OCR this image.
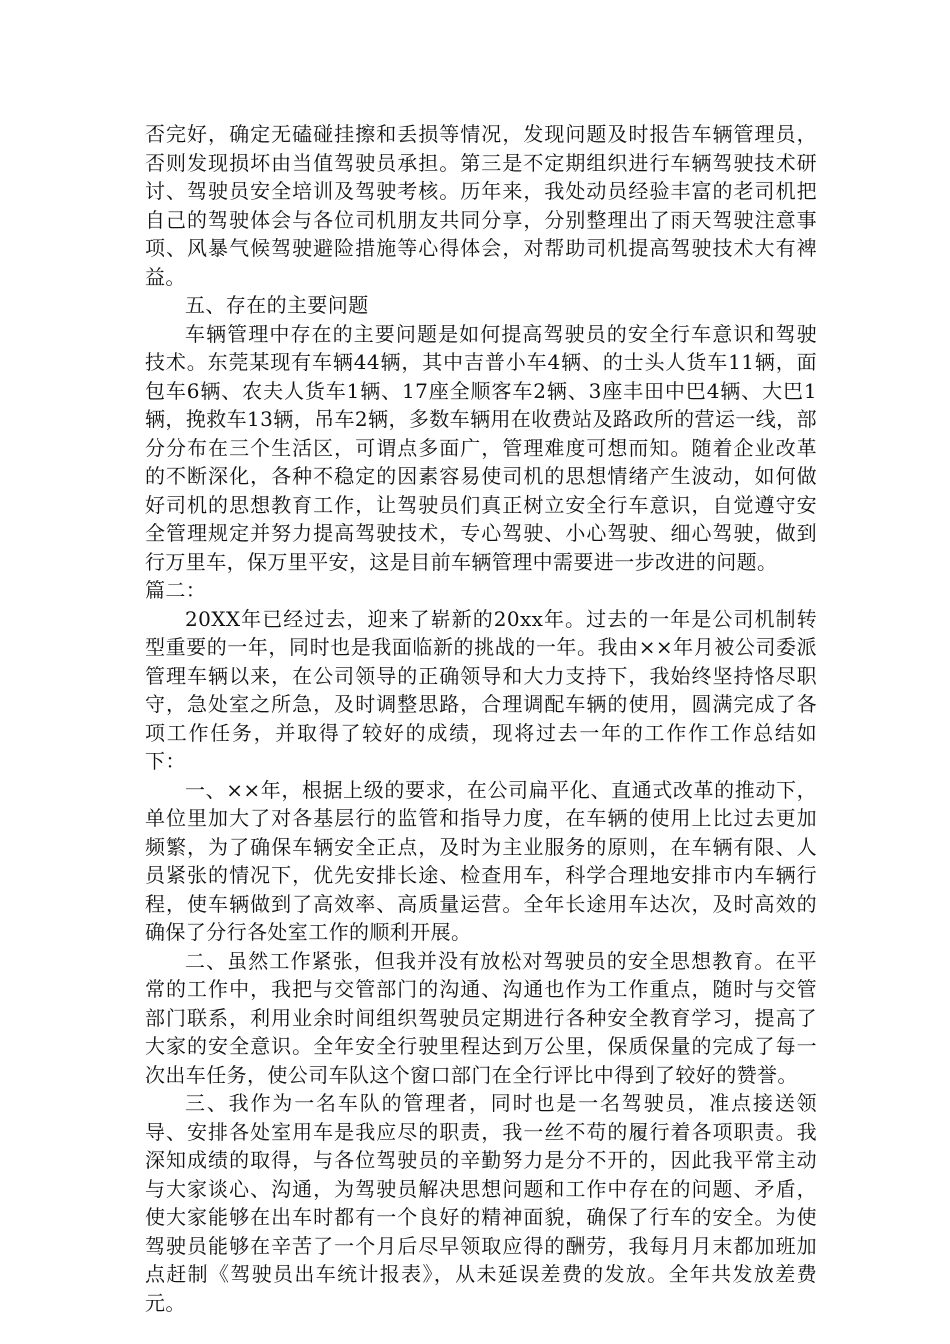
否完好，确定无磕碰挂擦和丢损等情况，发现问题及时报告车辆管理员，否则发现损坏由当值驾驶员承担。第三是不定期组织进行车辆驾驶技术研讨、驾驶员安全培训及驾驶考核。历年来，我处动员经验丰富的老司机把自己的驾驶体会与各位司机朋友共同分享，分别整理出了雨天驾驶注意事项、风暴气候驾驶避险措施等心得体会，对帮助司机提高驾驶技术大有裨益。

五、存在的主要问题

车辆管理中存在的主要问题是如何提高驾驶员的安全行车意识和驾驶技术。东莞某现有车辆44辆，其中吉普小车4辆、的士头人货车11辆，面包车6辆、农夫人货车1辆、17座全顺客车2辆、3座丰田中巴4辆、大巴1辆，挽救车13辆，吊车2辆，多数车辆用在收费站及路政所的营运一线，部分分布在三个生活区，可谓点多面广，管理难度可想而知。随着企业改革的不断深化，各种不稳定的因素容易使司机的思想情绪产生波动，如何做好司机的思想教育工作，让驾驶员们真正树立安全行车意识，自觉遵守安全管理规定并努力提高驾驶技术，专心驾驶、小心驾驶、细心驾驶，做到行万里车，保万里平安，这是目前车辆管理中需要进一步改进的问题。

篇二：

20XX年已经过去，迎来了崭新的20xx年。过去的一年是公司机制转型重要的一年，同时也是我面临新的挑战的一年。我由××年月被公司委派管理车辆以来，在公司领导的正确领导和大力支持下，我始终坚持恪尽职守，急处室之所急，及时调整思路，合理调配车辆的使用，圆满完成了各项工作任务，并取得了较好的成绩，现将过去一年的工作作工作总结如下：

一、××年，根据上级的要求，在公司扁平化、直通式改革的推动下，单位里加大了对各基层行的监管和指导力度，在车辆的使用上比过去更加频繁，为了确保车辆安全正点，及时为主业服务的原则，在车辆有限、人员紧张的情况下，优先安排长途、检查用车，科学合理地安排市内车辆行程，使车辆做到了高效率、高质量运营。全年长途用车达次，及时高效的确保了分行各处室工作的顺利开展。

二、虽然工作紧张，但我并没有放松对驾驶员的安全思想教育。在平常的工作中，我把与交管部门的沟通、沟通也作为工作重点，随时与交管部门联系，利用业余时间组织驾驶员定期进行各种安全教育学习，提高了大家的安全意识。全年安全行驶里程达到万公里，保质保量的完成了每一次出车任务，使公司车队这个窗口部门在全行评比中得到了较好的赞誉。

三、我作为一名车队的管理者，同时也是一名驾驶员，准点接送领导、安排各处室用车是我应尽的职责，我一丝不苟的履行着各项职责。我深知成绩的取得，与各位驾驶员的辛勤努力是分不开的，因此我平常主动与大家谈心、沟通，为驾驶员解决思想问题和工作中存在的问题、矛盾，使大家能够在出车时都有一个良好的精神面貌，确保了行车的安全。为使驾驶员能够在辛苦了一个月后尽早领取应得的酬劳，我每月月末都加班加点赶制《驾驶员出车统计报表》，从未延误差费的发放。全年共发放差费元。
